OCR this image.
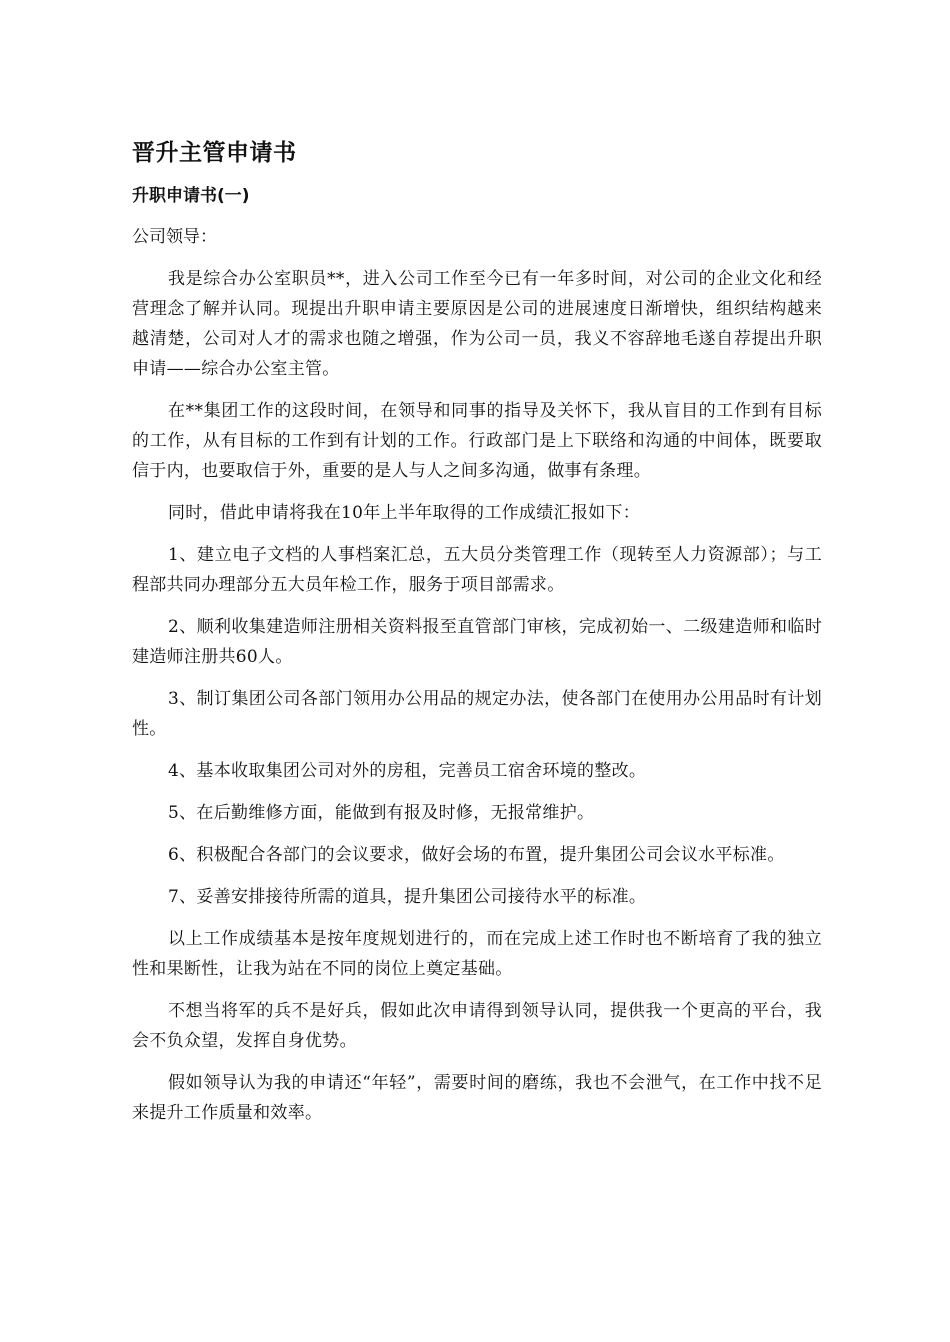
晋升主管申请书
升职申请书(一)
公司领导：

我是综合办公室职员**，进入公司工作至今已有一年多时间，对公司的企业文化和经营理念了解并认同。现提出升职申请主要原因是公司的进展速度日渐增快，组织结构越来越清楚，公司对人才的需求也随之增强，作为公司一员，我义不容辞地毛遂自荐提出升职申请——综合办公室主管。

在**集团工作的这段时间，在领导和同事的指导及关怀下，我从盲目的工作到有目标的工作，从有目标的工作到有计划的工作。行政部门是上下联络和沟通的中间体，既要取信于内，也要取信于外，重要的是人与人之间多沟通，做事有条理。

同时，借此申请将我在10年上半年取得的工作成绩汇报如下：

1、建立电子文档的人事档案汇总，五大员分类管理工作（现转至人力资源部）；与工程部共同办理部分五大员年检工作，服务于项目部需求。

2、顺利收集建造师注册相关资料报至直管部门审核，完成初始一、二级建造师和临时建造师注册共60人。

3、制订集团公司各部门领用办公用品的规定办法，使各部门在使用办公用品时有计划性。

4、基本收取集团公司对外的房租，完善员工宿舍环境的整改。

5、在后勤维修方面，能做到有报及时修，无报常维护。

6、积极配合各部门的会议要求，做好会场的布置，提升集团公司会议水平标准。

7、妥善安排接待所需的道具，提升集团公司接待水平的标准。

以上工作成绩基本是按年度规划进行的，而在完成上述工作时也不断培育了我的独立性和果断性，让我为站在不同的岗位上奠定基础。

不想当将军的兵不是好兵，假如此次申请得到领导认同，提供我一个更高的平台，我会不负众望，发挥自身优势。

假如领导认为我的申请还“年轻”，需要时间的磨练，我也不会泄气，在工作中找不足来提升工作质量和效率。
